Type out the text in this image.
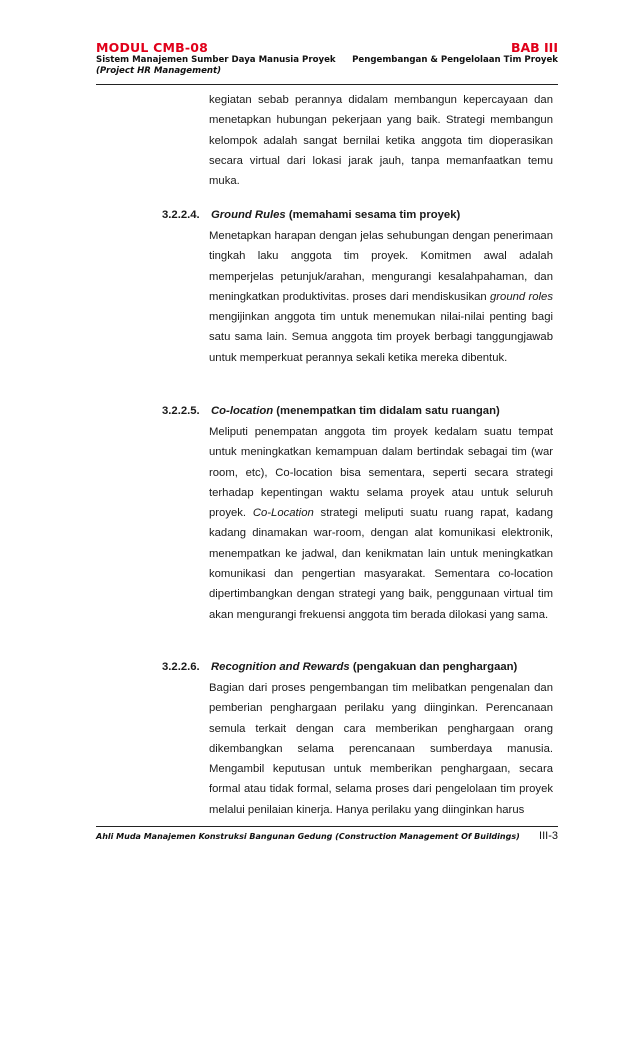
MODUL CMB-08	BAB III
Sistem Manajemen Sumber Daya Manusia Proyek Pengembangan & Pengelolaan Tim Proyek
(Project HR Management)
kegiatan sebab perannya didalam membangun kepercayaan dan menetapkan hubungan pekerjaan yang baik. Strategi membangun kelompok adalah sangat bernilai ketika anggota tim dioperasikan secara virtual dari lokasi jarak jauh, tanpa memanfaatkan temu muka.
3.2.2.4. Ground Rules (memahami sesama tim proyek)
Menetapkan harapan dengan jelas sehubungan dengan penerimaan tingkah laku anggota tim proyek. Komitmen awal adalah memperjelas petunjuk/arahan, mengurangi kesalahpahaman, dan meningkatkan produktivitas. proses dari mendiskusikan ground roles mengijinkan anggota tim untuk menemukan nilai-nilai penting bagi satu sama lain. Semua anggota tim proyek berbagi tanggungjawab untuk memperkuat perannya sekali ketika mereka dibentuk.
3.2.2.5. Co-location (menempatkan tim didalam satu ruangan)
Meliputi penempatan anggota tim proyek kedalam suatu tempat untuk meningkatkan kemampuan dalam bertindak sebagai tim (war room, etc), Co-location bisa sementara, seperti secara strategi terhadap kepentingan waktu selama proyek atau untuk seluruh proyek. Co-Location strategi meliputi suatu ruang rapat, kadang kadang dinamakan war-room, dengan alat komunikasi elektronik, menempatkan ke jadwal, dan kenikmatan lain untuk meningkatkan komunikasi dan pengertian masyarakat. Sementara co-location dipertimbangkan dengan strategi yang baik, penggunaan virtual tim akan mengurangi frekuensi anggota tim berada dilokasi yang sama.
3.2.2.6. Recognition and Rewards (pengakuan dan penghargaan)
Bagian dari proses pengembangan tim melibatkan pengenalan dan pemberian penghargaan perilaku yang diinginkan. Perencanaan semula terkait dengan cara memberikan penghargaan orang dikembangkan selama perencanaan sumberdaya manusia. Mengambil keputusan untuk memberikan penghargaan, secara formal atau tidak formal, selama proses dari pengelolaan tim proyek melalui penilaian kinerja. Hanya perilaku yang diinginkan harus
Ahli Muda Manajemen Konstruksi Bangunan Gedung (Construction Management Of Buildings) III-3
